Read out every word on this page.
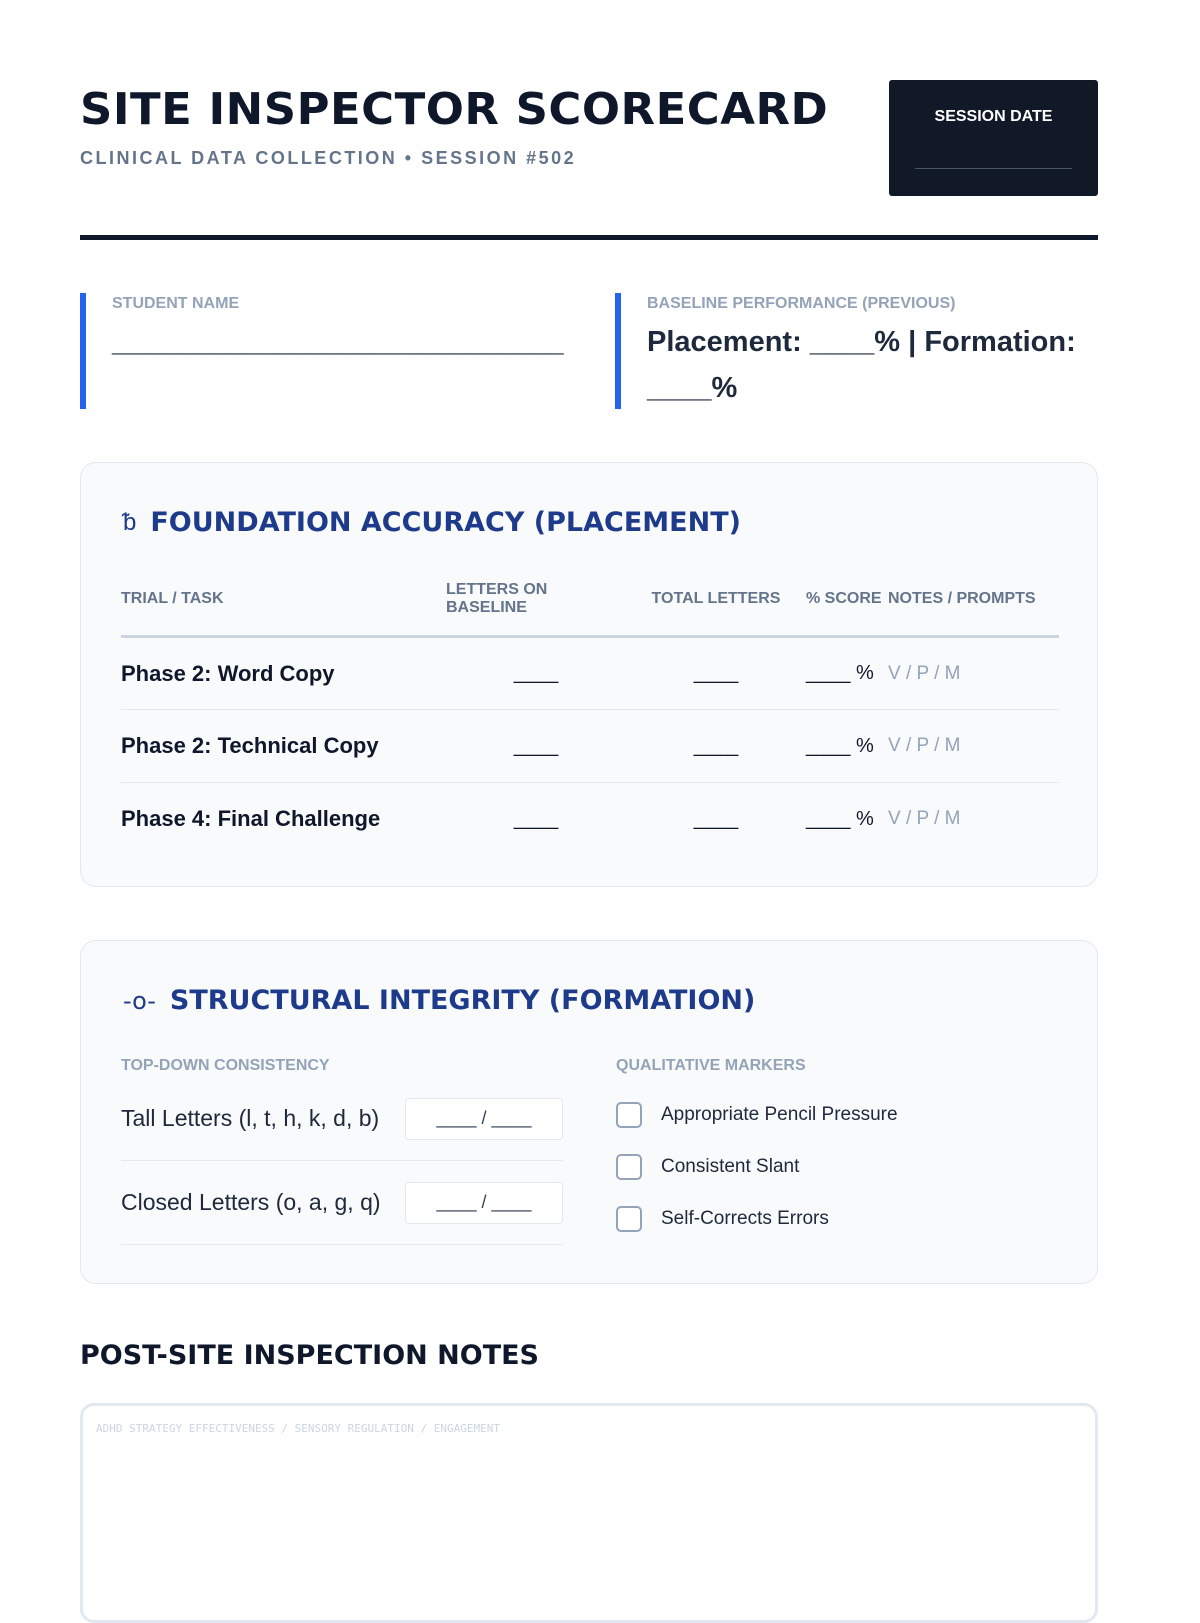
SITE INSPECTOR SCORECARD
CLINICAL DATA COLLECTION • SESSION #502
SESSION DATE
STUDENT NAME
____________________________
BASELINE PERFORMANCE (PREVIOUS)
Placement: ____% | Formation: ____%
ᵬ FOUNDATION ACCURACY (PLACEMENT)
TRIAL / TASK	LETTERS ON BASELINE	TOTAL LETTERS	% SCORE	NOTES / PROMPTS
Phase 2: Word Copy	____	____	____ %	V / P / M
Phase 2: Technical Copy	____	____	____ %	V / P / M
Phase 4: Final Challenge	____	____	____ %	V / P / M
-o- STRUCTURAL INTEGRITY (FORMATION)
TOP-DOWN CONSISTENCY	QUALITATIVE MARKERS
Tall Letters (l, t, h, k, d, b)	____ / ____
Closed Letters (o, a, g, q)	____ / ____
Appropriate Pencil Pressure
Consistent Slant
Self-Corrects Errors
POST-SITE INSPECTION NOTES
ADHD STRATEGY EFFECTIVENESS / SENSORY REGULATION / ENGAGEMENT
